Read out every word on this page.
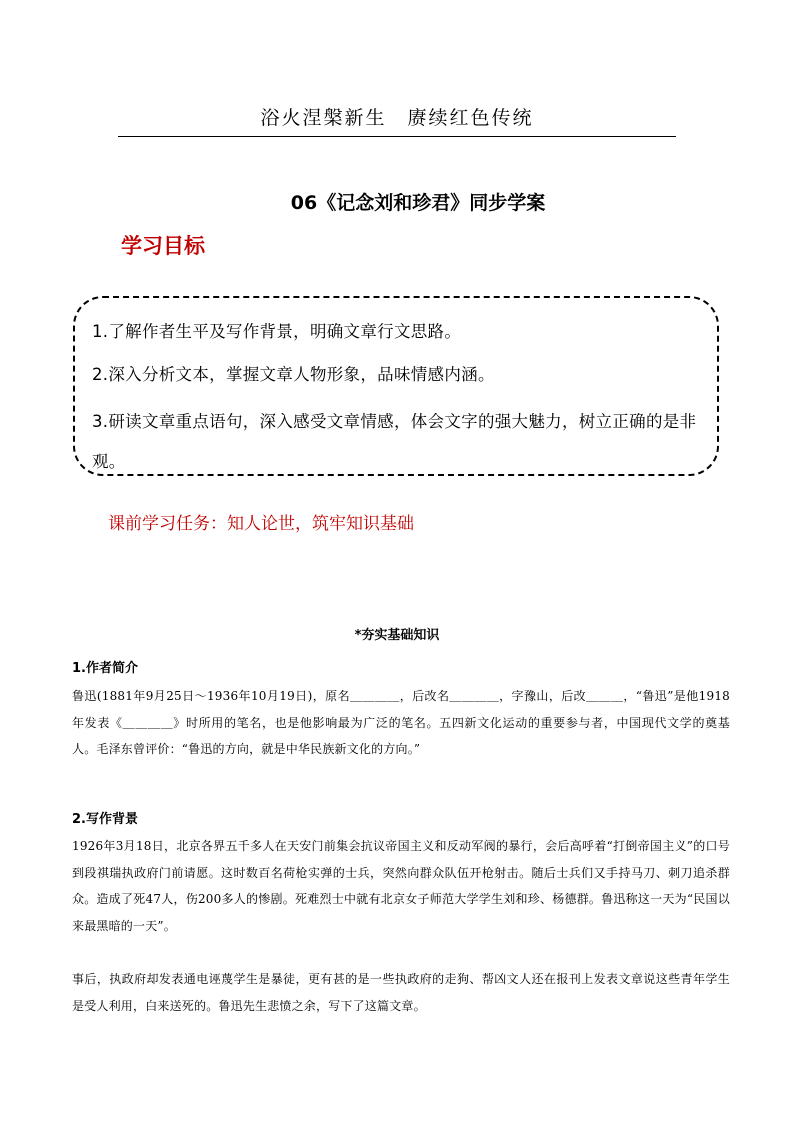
浴火涅槃新生　赓续红色传统
06《记念刘和珍君》同步学案
学习目标
1.了解作者生平及写作背景，明确文章行文思路。
2.深入分析文本，掌握文章人物形象，品味情感内涵。
3.研读文章重点语句，深入感受文章情感，体会文字的强大魅力，树立正确的是非观。
课前学习任务：知人论世，筑牢知识基础
*夯实基础知识
1.作者简介
鲁迅(1881年9月25日～1936年10月19日)，原名＿＿＿＿，后改名＿＿＿＿，字豫山，后改＿＿＿，“鲁迅”是他1918年发表《＿＿＿＿》时所用的笔名，也是他影响最为广泛的笔名。五四新文化运动的重要参与者，中国现代文学的奠基人。毛泽东曾评价：“鲁迅的方向，就是中华民族新文化的方向。”
2.写作背景
1926年3月18日，北京各界五千多人在天安门前集会抗议帝国主义和反动军阀的暴行，会后高呼着“打倒帝国主义”的口号到段祺瑞执政府门前请愿。这时数百名荷枪实弹的士兵，突然向群众队伍开枪射击。随后士兵们又手持马刀、刺刀追杀群众。造成了死47人，伤200多人的惨剧。死难烈士中就有北京女子师范大学学生刘和珍、杨德群。鲁迅称这一天为“民国以来最黑暗的一天”。
事后，执政府却发表通电诬蔑学生是暴徒，更有甚的是一些执政府的走狗、帮凶文人还在报刊上发表文章说这些青年学生是受人利用，白来送死的。鲁迅先生悲愤之余，写下了这篇文章。
